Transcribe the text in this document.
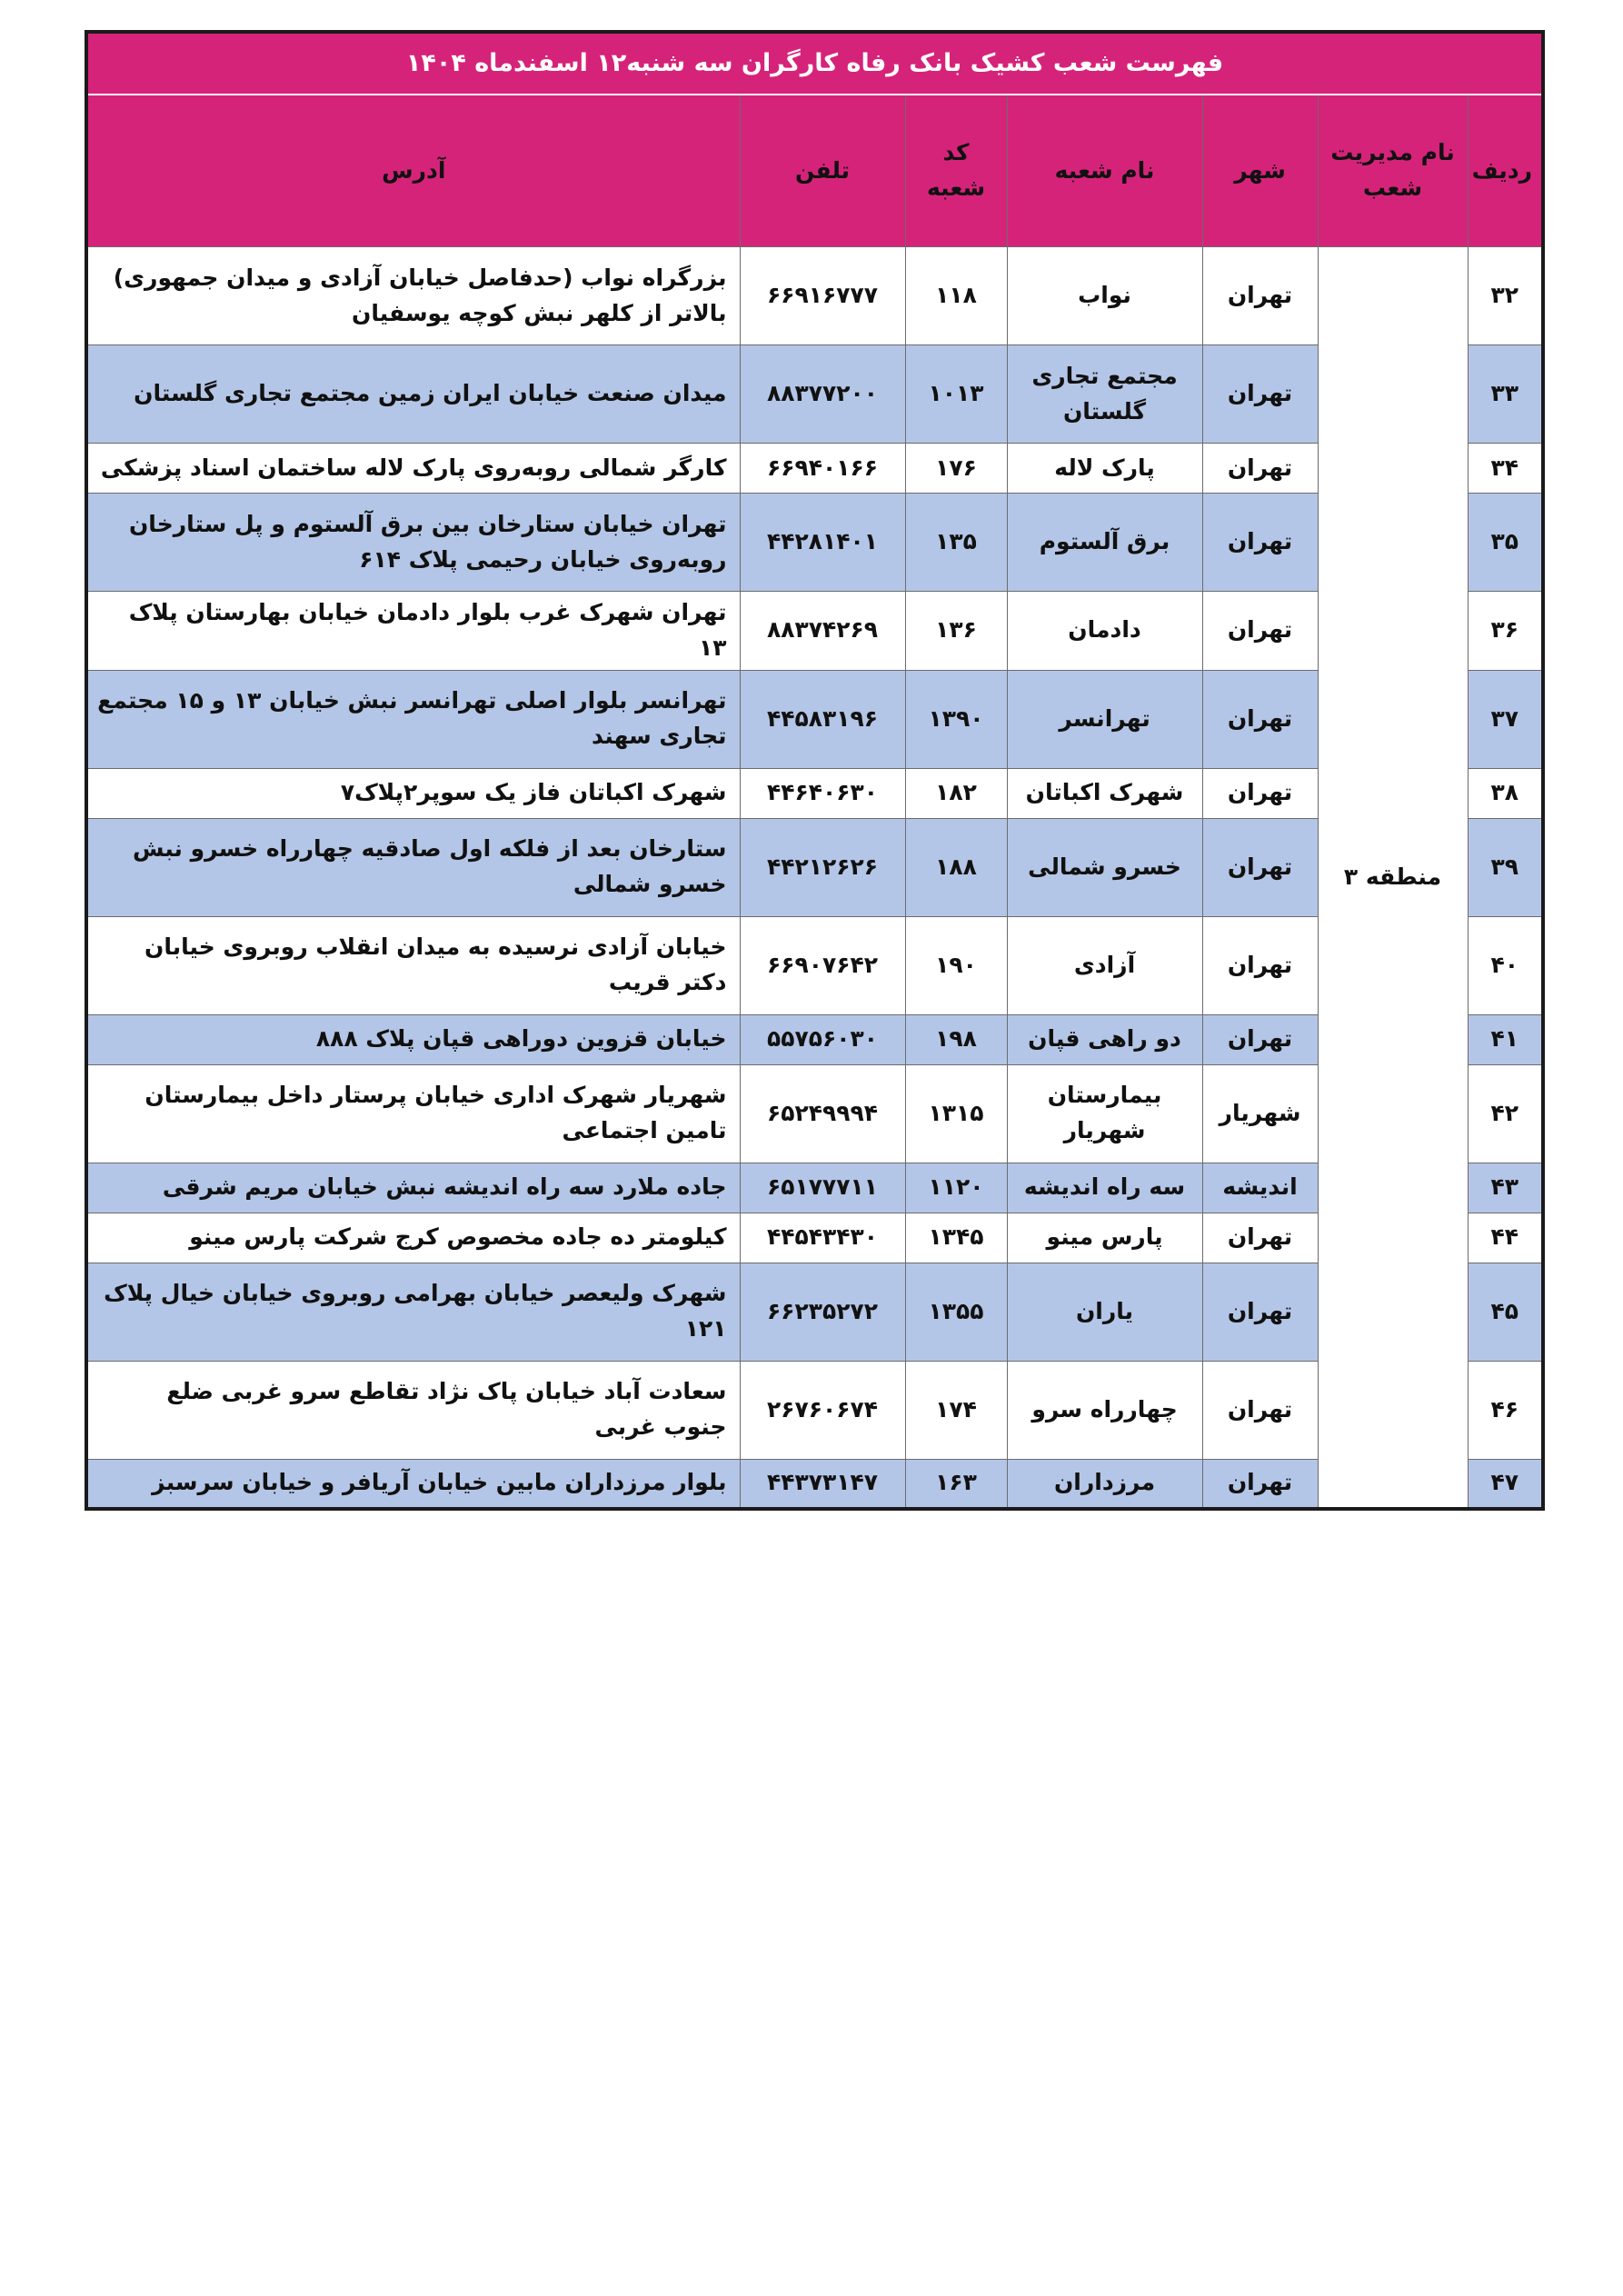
فهرست شعب کشیک بانک رفاه کارگران سه شنبه۱۲ اسفندماه ۱۴۰۴						
ردیف	نام مدیریت شعب	شهر	نام شعبه	کد شعبه	تلفن	آدرس
۳۲	منطقه ۳	تهران	نواب	۱۱۸	۶۶۹۱۶۷۷۷	بزرگراه نواب (حدفاصل خیابان آزادی و میدان جمهوری) بالاتر از کلهر نبش کوچه یوسفیان
۳۳		تهران	مجتمع تجاری گلستان	۱۰۱۳	۸۸۳۷۷۲۰۰	میدان صنعت خیابان ایران زمین مجتمع تجاری گلستان
۳۴		تهران	پارک لاله	۱۷۶	۶۶۹۴۰۱۶۶	کارگر شمالی روبه‌روی پارک لاله ساختمان اسناد پزشکی
۳۵		تهران	برق آلستوم	۱۳۵	۴۴۲۸۱۴۰۱	تهران خیابان ستارخان بین برق آلستوم و پل ستارخان روبه‌روی خیابان رحیمی پلاک ۶۱۴
۳۶		تهران	دادمان	۱۳۶	۸۸۳۷۴۲۶۹	تهران شهرک غرب بلوار دادمان خیابان بهارستان پلاک ۱۳
۳۷		تهران	تهرانسر	۱۳۹۰	۴۴۵۸۳۱۹۶	تهرانسر بلوار اصلی تهرانسر نبش خیابان ۱۳ و ۱۵ مجتمع تجاری سهند
۳۸		تهران	شهرک اکباتان	۱۸۲	۴۴۶۴۰۶۳۰	شهرک اکباتان فاز یک سوپر۲پلاک۷
۳۹		تهران	خسرو شمالی	۱۸۸	۴۴۲۱۲۶۲۶	ستارخان بعد از فلکه اول صادقیه چهارراه خسرو نبش خسرو شمالی
۴۰		تهران	آزادی	۱۹۰	۶۶۹۰۷۶۴۲	خیابان آزادی نرسیده به میدان انقلاب روبروی خیابان دکتر قریب
۴۱		تهران	دو راهی قپان	۱۹۸	۵۵۷۵۶۰۳۰	خیابان قزوین دوراهی قپان پلاک ۸۸۸
۴۲		شهریار	بیمارستان شهریار	۱۳۱۵	۶۵۲۴۹۹۹۴	شهریار شهرک اداری خیابان پرستار داخل بیمارستان تامین اجتماعی
۴۳		اندیشه	سه راه اندیشه	۱۱۲۰	۶۵۱۷۷۷۱۱	جاده ملارد سه راه اندیشه نبش خیابان مریم شرقی
۴۴		تهران	پارس مینو	۱۳۴۵	۴۴۵۴۳۴۳۰	کیلومتر ده جاده مخصوص کرج شرکت پارس مینو
۴۵		تهران	یاران	۱۳۵۵	۶۶۲۳۵۲۷۲	شهرک ولیعصر خیابان بهرامی روبروی خیابان خیال پلاک ۱۲۱
۴۶		تهران	چهارراه سرو	۱۷۴	۲۶۷۶۰۶۷۴	سعادت آباد خیابان پاک نژاد تقاطع سرو غربی ضلع جنوب غربی
۴۷		تهران	مرزداران	۱۶۳	۴۴۳۷۳۱۴۷	بلوار مرزداران مابین خیابان آریافر و خیابان سرسبز
